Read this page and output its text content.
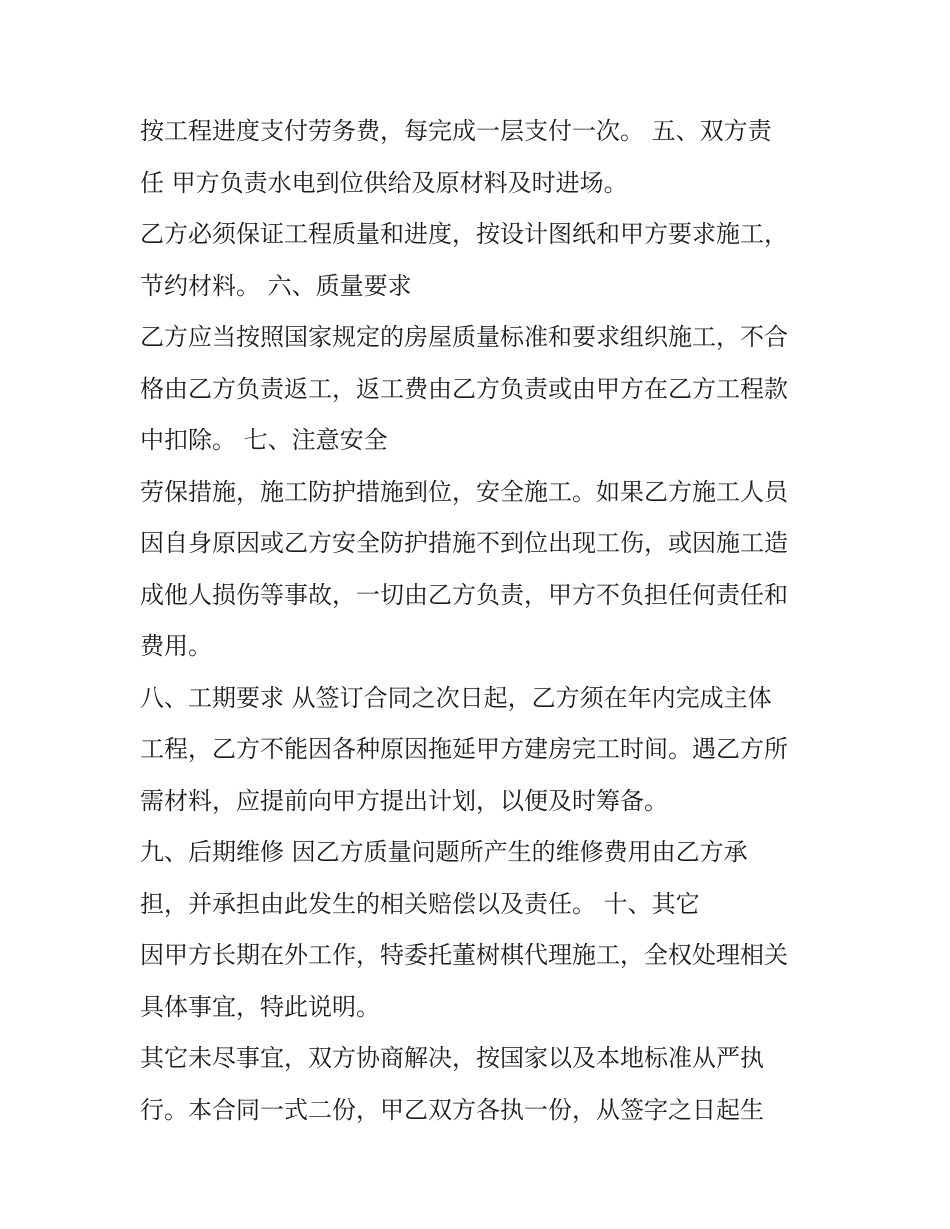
按工程进度支付劳务费，每完成一层支付一次。 五、双方责
任 甲方负责水电到位供给及原材料及时进场。
乙方必须保证工程质量和进度，按设计图纸和甲方要求施工，
节约材料。 六、质量要求
乙方应当按照国家规定的房屋质量标准和要求组织施工，不合
格由乙方负责返工，返工费由乙方负责或由甲方在乙方工程款
中扣除。 七、注意安全
劳保措施，施工防护措施到位，安全施工。如果乙方施工人员
因自身原因或乙方安全防护措施不到位出现工伤，或因施工造
成他人损伤等事故，一切由乙方负责，甲方不负担任何责任和
费用。
八、工期要求 从签订合同之次日起，乙方须在年内完成主体
工程，乙方不能因各种原因拖延甲方建房完工时间。遇乙方所
需材料，应提前向甲方提出计划，以便及时筹备。
九、后期维修 因乙方质量问题所产生的维修费用由乙方承
担，并承担由此发生的相关赔偿以及责任。 十、其它
因甲方长期在外工作，特委托董树棋代理施工，全权处理相关
具体事宜，特此说明。
其它未尽事宜，双方协商解决，按国家以及本地标准从严执
行。本合同一式二份，甲乙双方各执一份，从签字之日起生
